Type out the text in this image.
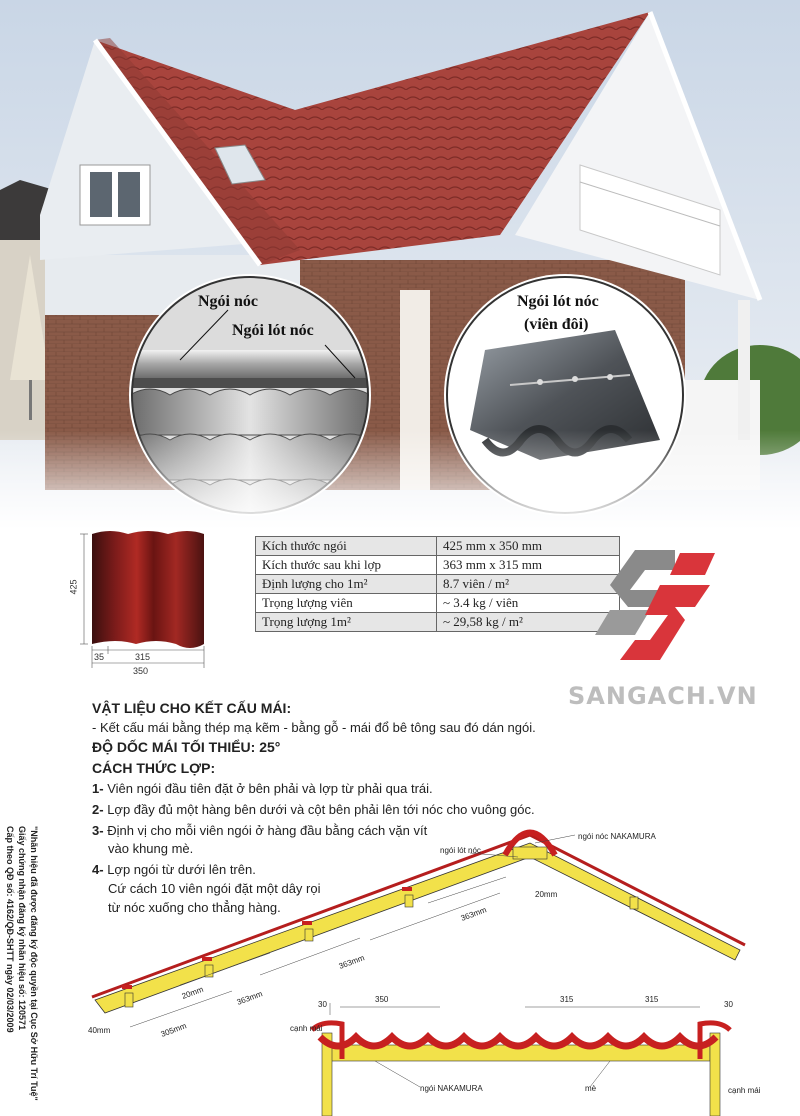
Ngói nóc
Ngói lót nóc
Ngói lót nóc
(viên đôi)
425
35	315
350
Kích thước ngói	425 mm x 350 mm
Kích thước sau khi lợp	363 mm x 315 mm
Định lượng cho 1m²	8.7 viên / m²
Trọng lượng viên	~ 3.4 kg / viên
Trọng lượng 1m²	~ 29,58 kg / m²
SANGACH.VN
VẬT LIỆU CHO KẾT CẤU MÁI:
- Kết cấu mái bằng thép mạ kẽm - bằng gỗ - mái đổ bê tông sau đó dán ngói.
ĐỘ DỐC MÁI TỐI THIỂU: 25°
CÁCH THỨC LỢP:
1- Viên ngói đầu tiên đặt ở bên phải và lợp từ phải qua trái.
2- Lợp đầy đủ một hàng bên dưới và cột bên phải lên tới nóc cho vuông góc.
3- Định vị cho mỗi viên ngói ở hàng đầu bằng cách vặn vít
vào khung mè.
4- Lợp ngói từ dưới lên trên.
Cứ cách 10 viên ngói đặt một dây rọi
từ nóc xuống cho thẳng hàng.
"Nhãn hiệu đã được đăng ký độc quyền tại Cục Sở Hữu Trí Tuệ"
Giấy chứng nhận đăng ký nhãn hiệu số: 120571
Cấp theo QĐ số: 4162/QĐ-SHTT ngày 02/03/2009	ngói lót nóc
ngói nóc NAKAMURA
20mm
20mm
363mm
363mm
363mm
305mm
40mm
30
350	315	315
30
cạnh mái
cạnh mái
ngói NAKAMURA	mè
